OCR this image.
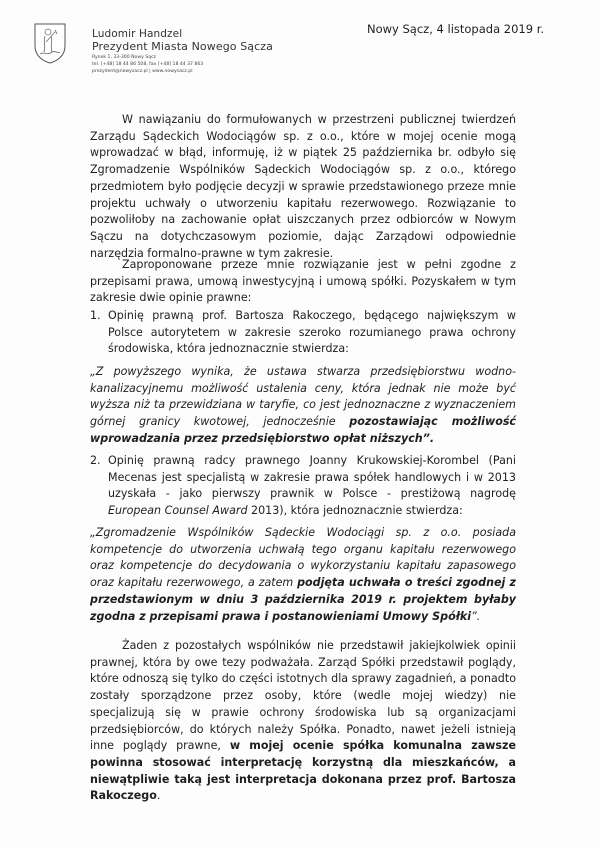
Ludomir Handzel
Prezydent Miasta Nowego Sącza
Rynek 1, 33-300 Nowy Sącz
tel. [+48] 18 44 86 508, fax [+48] 18 44 37 863
prezydent@nowysacz.pl | www.nowysacz.pl
Nowy Sącz, 4 listopada 2019 r.

W nawiązaniu do formułowanych w przestrzeni publicznej twierdzeń Zarządu Sądeckich Wodociągów sp. z o.o., które w mojej ocenie mogą wprowadzać w błąd, informuję, iż w piątek 25 października br. odbyło się Zgromadzenie Wspólników Sądeckich Wodociągów sp. z o.o., którego przedmiotem było podjęcie decyzji w sprawie przedstawionego przeze mnie projektu uchwały o utworzeniu kapitału rezerwowego. Rozwiązanie to pozwoliłoby na zachowanie opłat uiszczanych przez odbiorców w Nowym Sączu na dotychczasowym poziomie, dając Zarządowi odpowiednie narzędzia formalno-prawne w tym zakresie.

Zaproponowane przeze mnie rozwiązanie jest w pełni zgodne z przepisami prawa, umową inwestycyjną i umową spółki. Pozyskałem w tym zakresie dwie opinie prawne:

1. Opinię prawną prof. Bartosza Rakoczego, będącego największym w Polsce autorytetem w zakresie szeroko rozumianego prawa ochrony środowiska, która jednoznacznie stwierdza:
„Z powyższego wynika, że ustawa stwarza przedsiębiorstwu wodno-kanalizacyjnemu możliwość ustalenia ceny, która jednak nie może być wyższa niż ta przewidziana w taryfie, co jest jednoznaczne z wyznaczeniem górnej granicy kwotowej, jednocześnie pozostawiając możliwość wprowadzania przez przedsiębiorstwo opłat niższych”.
2. Opinię prawną radcy prawnego Joanny Krukowskiej-Korombel (Pani Mecenas jest specjalistą w zakresie prawa spółek handlowych i w 2013 uzyskała - jako pierwszy prawnik w Polsce - prestiżową nagrodę European Counsel Award 2013), która jednoznacznie stwierdza:
„Zgromadzenie Wspólników Sądeckie Wodociągi sp. z o.o. posiada kompetencje do utworzenia uchwałą tego organu kapitału rezerwowego oraz kompetencje do decydowania o wykorzystaniu kapitału zapasowego oraz kapitału rezerwowego, a zatem podjęta uchwała o treści zgodnej z przedstawionym w dniu 3 października 2019 r. projektem byłaby zgodna z przepisami prawa i postanowieniami Umowy Spółki”.

Żaden z pozostałych wspólników nie przedstawił jakiejkolwiek opinii prawnej, która by owe tezy podważała. Zarząd Spółki przedstawił poglądy, które odnoszą się tylko do części istotnych dla sprawy zagadnień, a ponadto zostały sporządzone przez osoby, które (wedle mojej wiedzy) nie specjalizują się w prawie ochrony środowiska lub są organizacjami przedsiębiorców, do których należy Spółka. Ponadto, nawet jeżeli istnieją inne poglądy prawne, w mojej ocenie spółka komunalna zawsze powinna stosować interpretację korzystną dla mieszkańców, a niewątpliwie taką jest interpretacja dokonana przez prof. Bartosza Rakoczego.
